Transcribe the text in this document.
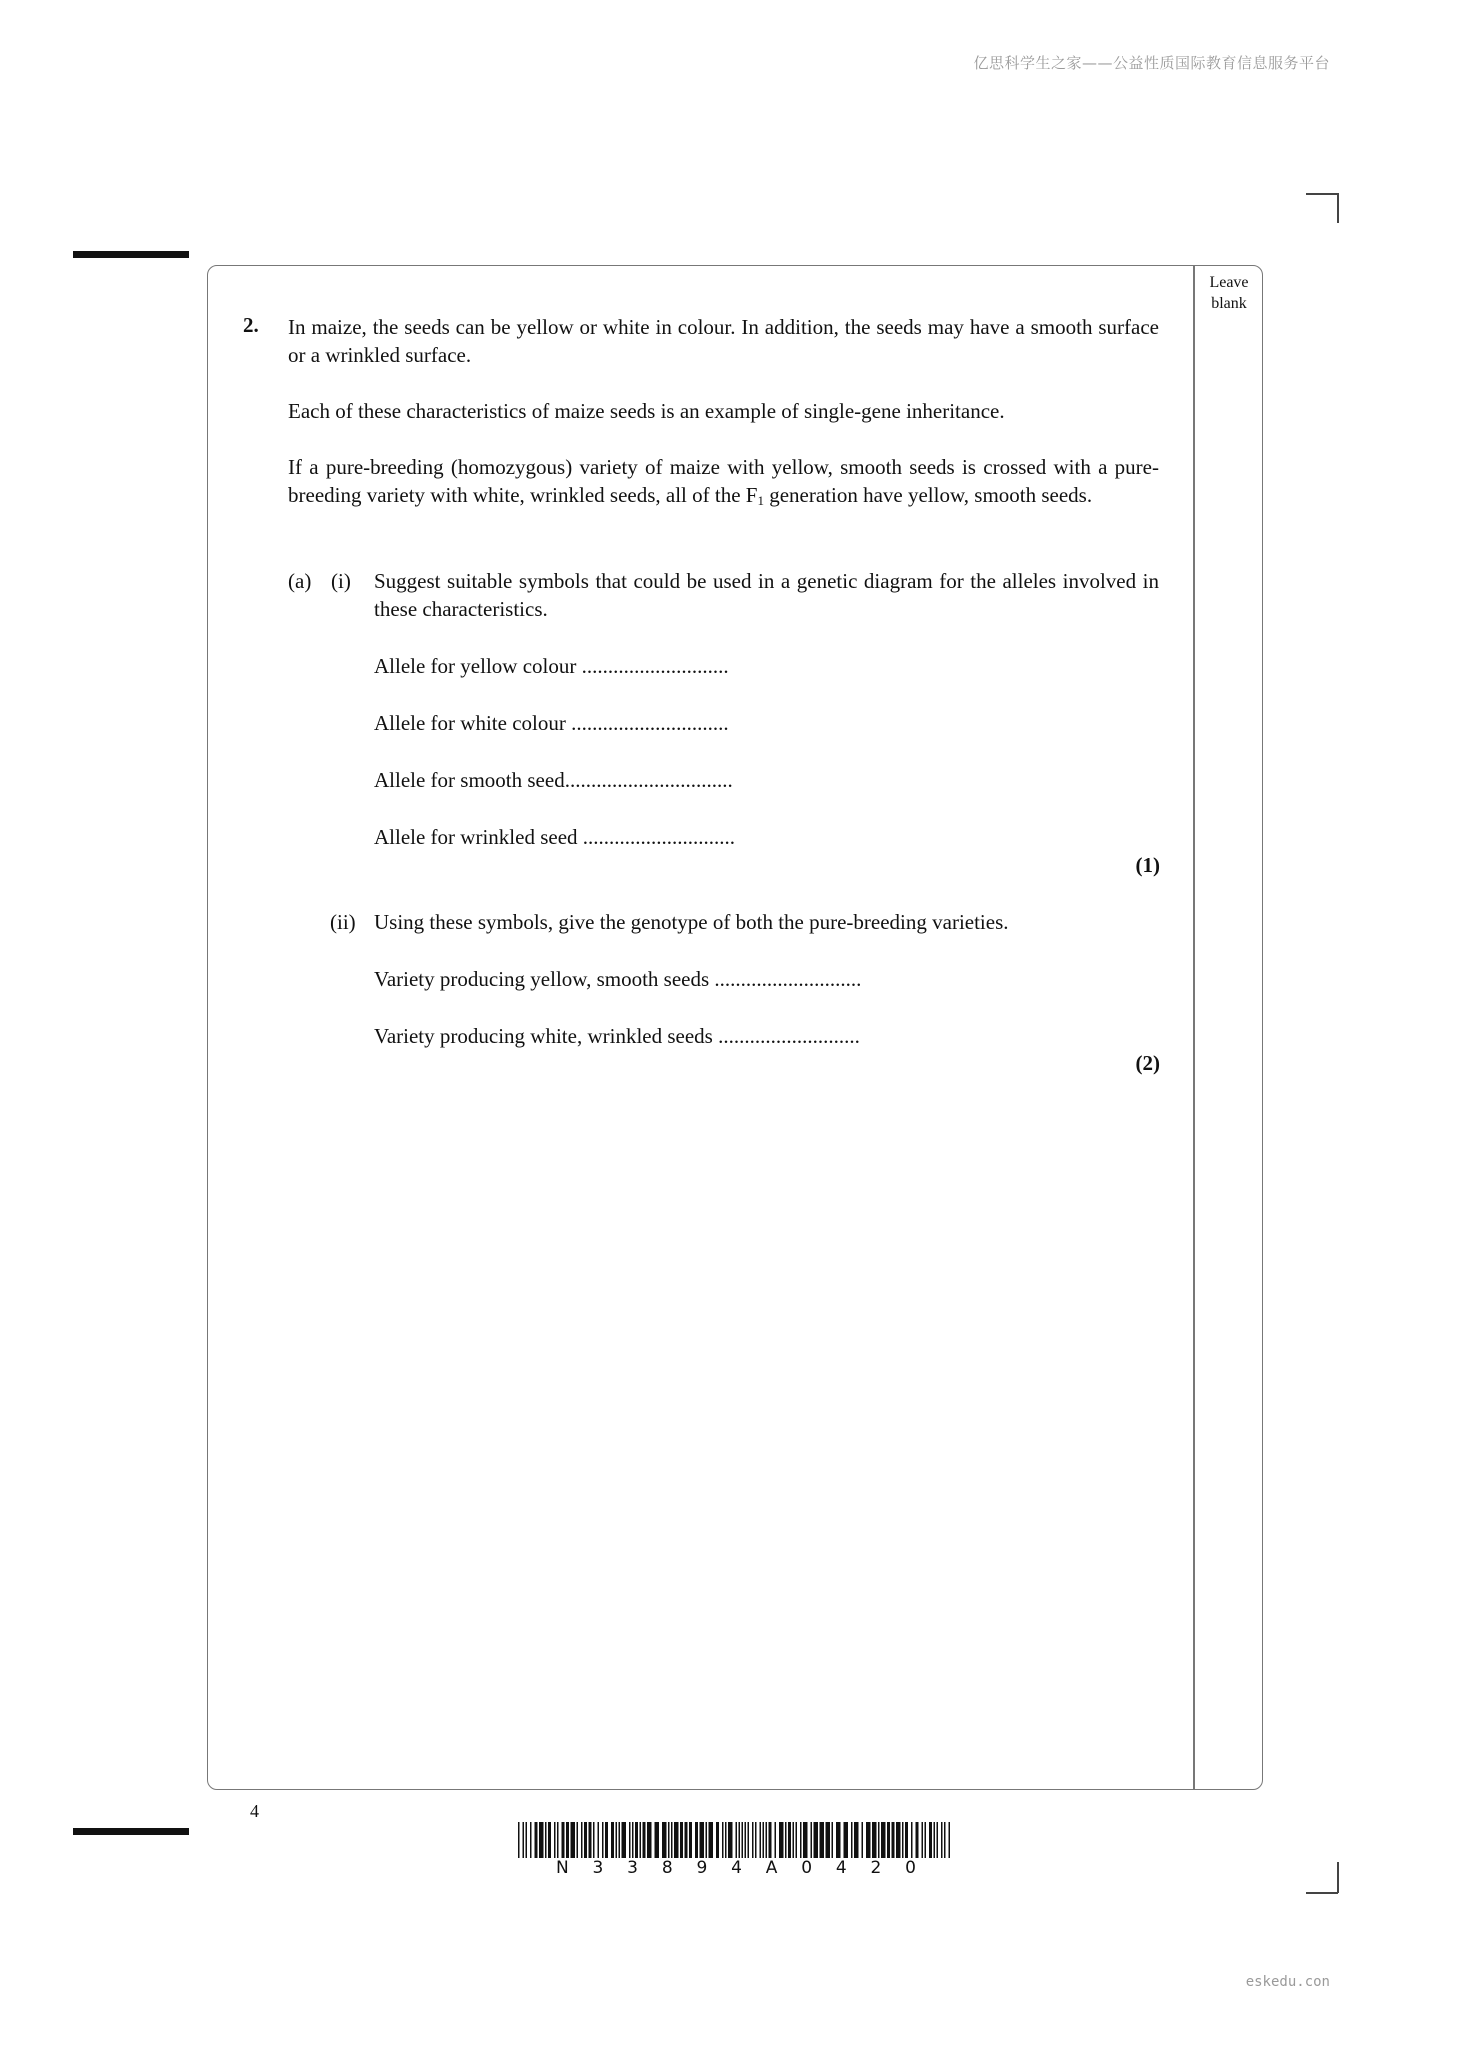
亿思科学生之家——公益性质国际教育信息服务平台
Leave
blank
2. In maize, the seeds can be yellow or white in colour. In addition, the seeds may have a smooth surface or a wrinkled surface.
Each of these characteristics of maize seeds is an example of single-gene inheritance.
If a pure-breeding (homozygous) variety of maize with yellow, smooth seeds is crossed with a pure-breeding variety with white, wrinkled seeds, all of the $F_1$ generation have yellow, smooth seeds.
(a) (i) Suggest suitable symbols that could be used in a genetic diagram for the alleles involved in these characteristics.
Allele for yellow colour ............................
Allele for white colour ..............................
Allele for smooth seed................................
Allele for wrinkled seed .............................
(1)
(ii) Using these symbols, give the genotype of both the pure-breeding varieties.
Variety producing yellow, smooth seeds ............................
Variety producing white, wrinkled seeds ...........................
(2)
4
N 3 3 8 9 4 A 0 4 2 0
eskedu.con
